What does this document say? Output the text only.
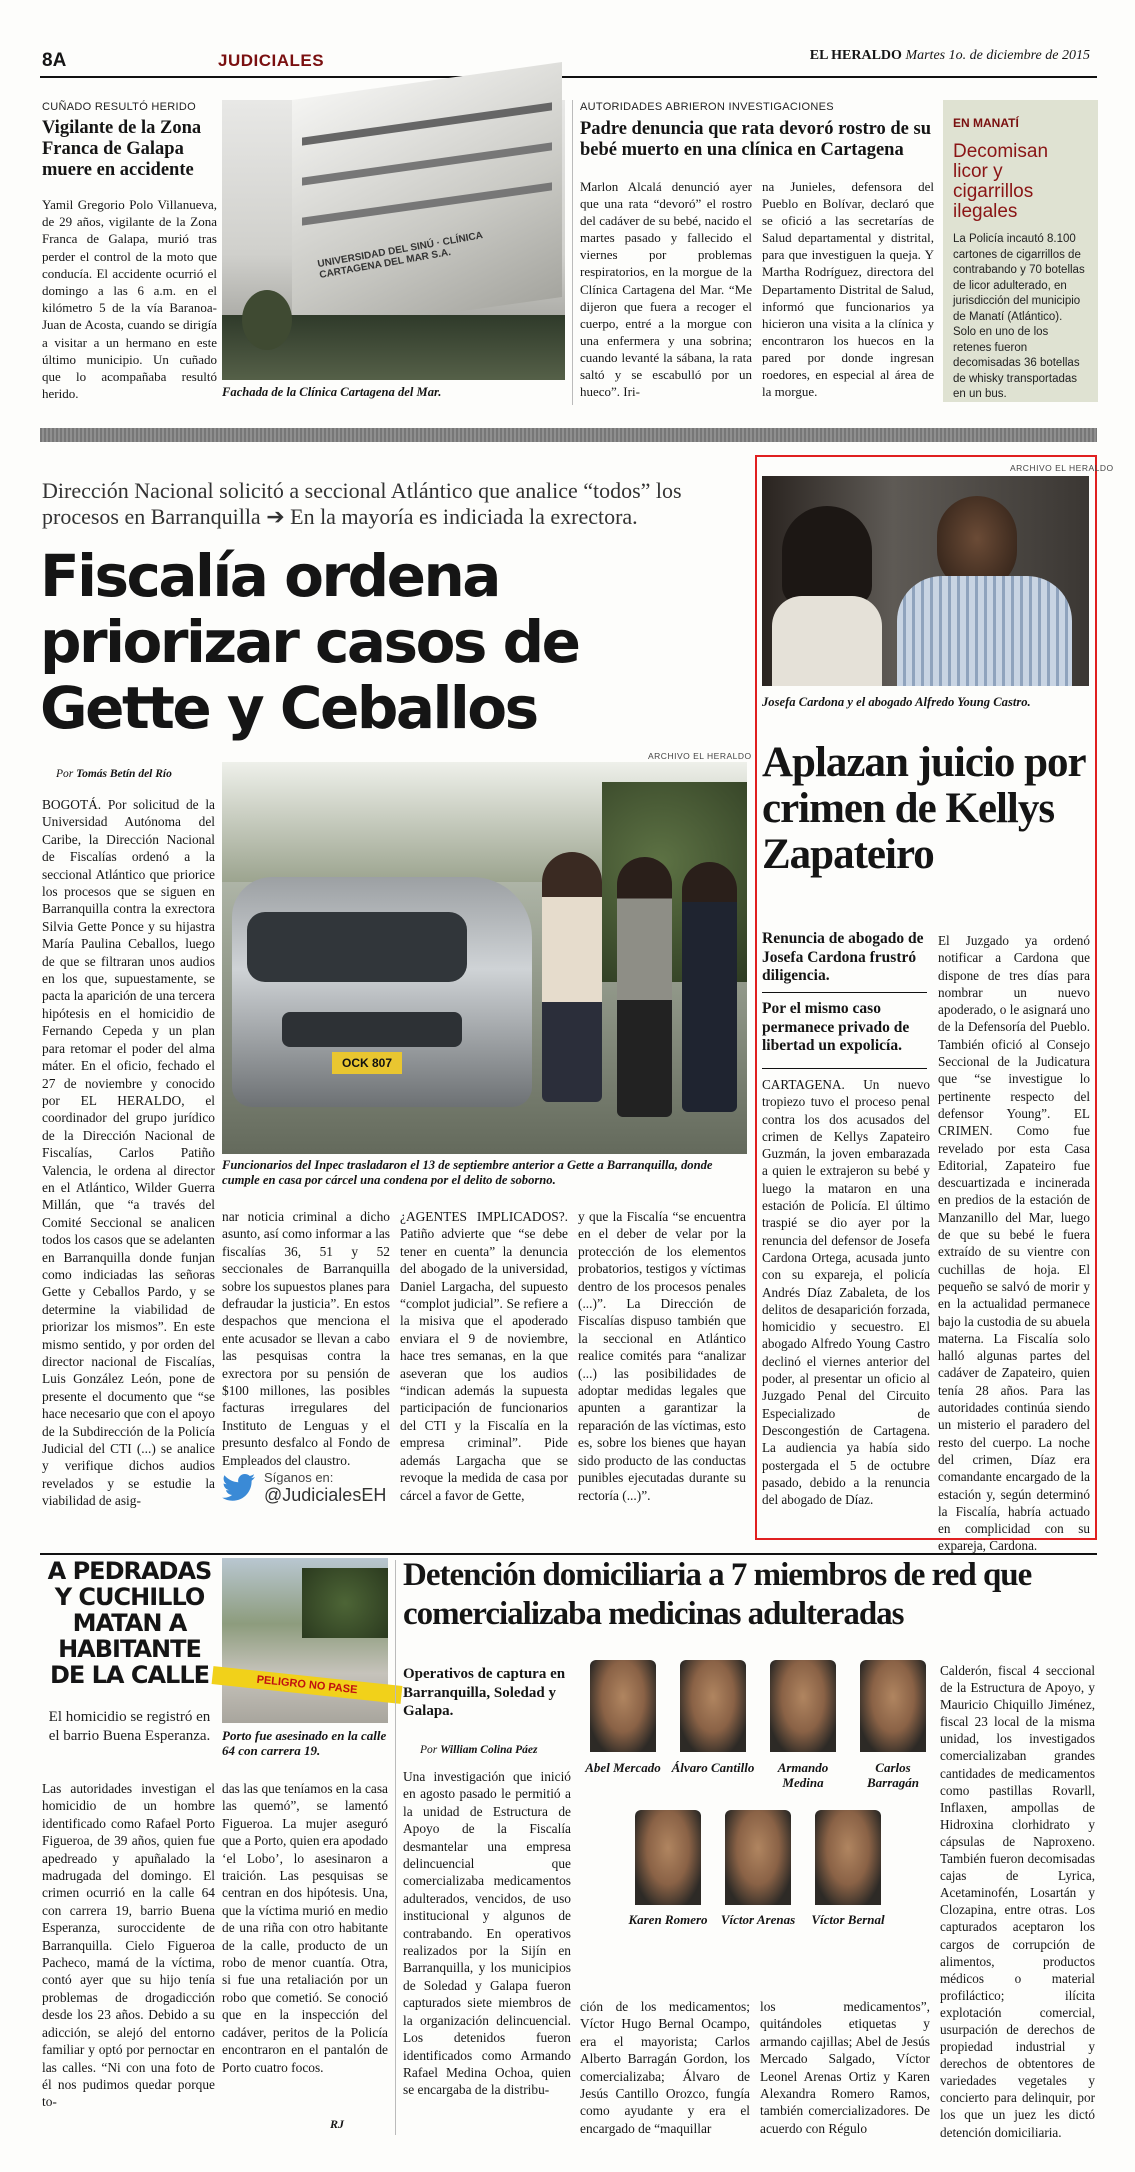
8A	JUDICIALES	EL HERALDO Martes 1o. de diciembre de 2015
CUÑADO RESULTÓ HERIDO
Vigilante de la Zona Franca de Galapa muere en accidente
Yamil Gregorio Polo Villanueva, de 29 años, vigilante de la Zona Franca de Galapa, murió tras perder el control de la moto que conducía. El accidente ocurrió el domingo a las 6 a.m. en el kilómetro 5 de la vía Baranoa-Juan de Acosta, cuando se dirigía a visitar a un hermano en este último municipio. Un cuñado que lo acompañaba resultó herido.
UNIVERSIDAD DEL SINÚ · CLÍNICA CARTAGENA DEL MAR S.A.
Fachada de la Clínica Cartagena del Mar.
AUTORIDADES ABRIERON INVESTIGACIONES
Padre denuncia que rata devoró rostro de su bebé muerto en una clínica en Cartagena
Marlon Alcalá denunció ayer que una rata “devoró” el rostro del cadáver de su bebé, nacido el martes pasado y fallecido el viernes por problemas respiratorios, en la morgue de la Clínica Cartagena del Mar. “Me dijeron que fuera a recoger el cuerpo, entré a la morgue con una enfermera y una sobrina; cuando levanté la sábana, la rata saltó y se escabulló por un hueco”. Iri-
na Junieles, defensora del Pueblo en Bolívar, declaró que se ofició a las secretarías de Salud departamental y distrital, para que investiguen la queja. Y Martha Rodríguez, directora del Departamento Distrital de Salud, informó que funcionarios ya hicieron una visita a la clínica y encontraron los huecos en la pared por donde ingresan roedores, en especial al área de la morgue.
EN MANATÍ
Decomisan licor y cigarrillos ilegales
La Policía incautó 8.100 cartones de cigarrillos de contrabando y 70 botellas de licor adulterado, en jurisdicción del municipio de Manatí (Atlántico). Solo en uno de los retenes fueron decomisadas 36 botellas de whisky transportadas en un bus.
Dirección Nacional solicitó a seccional Atlántico que analice “todos” los procesos en Barranquilla ➔ En la mayoría es indiciada la exrectora.
Fiscalía ordena priorizar casos de Gette y Ceballos
Por Tomás Betín del Río
ARCHIVO EL HERALDO
OCK 807
Funcionarios del Inpec trasladaron el 13 de septiembre anterior a Gette a Barranquilla, donde cumple en casa por cárcel una condena por el delito de soborno.
BOGOTÁ. Por solicitud de la Universidad Autónoma del Caribe, la Dirección Nacional de Fiscalías ordenó a la seccional Atlántico que priorice los procesos que se siguen en Barranquilla contra la exrectora Silvia Gette Ponce y su hijastra María Paulina Ceballos, luego de que se filtraran unos audios en los que, supuestamente, se pacta la aparición de una tercera hipótesis en el homicidio de Fernando Cepeda y un plan para retomar el poder del alma máter. En el oficio, fechado el 27 de noviembre y conocido por EL HERALDO, el coordinador del grupo jurídico de la Dirección Nacional de Fiscalías, Carlos Patiño Valencia, le ordena al director en el Atlántico, Wilder Guerra Millán, que “a través del Comité Seccional se analicen todos los casos que se adelanten en Barranquilla donde funjan como indiciadas las señoras Gette y Ceballos Pardo, y se determine la viabilidad de priorizar los mismos”. En este mismo sentido, y por orden del director nacional de Fiscalías, Luis González León, pone de presente el documento que “se hace necesario que con el apoyo de la Subdirección de la Policía Judicial del CTI (...) se analice y verifique dichos audios revelados y se estudie la viabilidad de asig-
nar noticia criminal a dicho asunto, así como informar a las fiscalías 36, 51 y 52 seccionales de Barranquilla sobre los supuestos planes para defraudar la justicia”. En estos despachos que menciona el ente acusador se llevan a cabo las pesquisas contra la exrectora por su pensión de $100 millones, las posibles facturas irregulares del Instituto de Lenguas y el presunto desfalco al Fondo de Empleados del claustro.
¿AGENTES IMPLICADOS?. Patiño advierte que “se debe tener en cuenta” la denuncia del abogado de la universidad, Daniel Largacha, del supuesto “complot judicial”. Se refiere a la misiva que el apoderado enviara el 9 de noviembre, hace tres semanas, en la que aseveran que los audios “indican además la supuesta participación de funcionarios del CTI y la Fiscalía en la empresa criminal”. Pide además Largacha que se revoque la medida de casa por cárcel a favor de Gette,
y que la Fiscalía “se encuentra en el deber de velar por la protección de los elementos probatorios, testigos y víctimas dentro de los procesos penales (...)”. La Dirección de Fiscalías dispuso también que la seccional en Atlántico realice comités para “analizar (...) las posibilidades de adoptar medidas legales que apunten a garantizar la reparación de las víctimas, esto es, sobre los bienes que hayan sido producto de las conductas punibles ejecutadas durante su rectoría (...)”.
Síganos en:
@JudicialesEH
ARCHIVO EL HERALDO
Josefa Cardona y el abogado Alfredo Young Castro.
Aplazan juicio por crimen de Kellys Zapateiro
Renuncia de abogado de Josefa Cardona frustró diligencia.
Por el mismo caso permanece privado de libertad un expolicía.
CARTAGENA. Un nuevo tropiezo tuvo el proceso penal contra los dos acusados del crimen de Kellys Zapateiro Guzmán, la joven embarazada a quien le extrajeron su bebé y luego la mataron en una estación de Policía. El último traspié se dio ayer por la renuncia del defensor de Josefa Cardona Ortega, acusada junto con su expareja, el policía Andrés Díaz Zabaleta, de los delitos de desaparición forzada, homicidio y secuestro. El abogado Alfredo Young Castro declinó el viernes anterior del poder, al presentar un oficio al Juzgado Penal del Circuito Especializado de Descongestión de Cartagena. La audiencia ya había sido postergada el 5 de octubre pasado, debido a la renuncia del abogado de Díaz.
El Juzgado ya ordenó notificar a Cardona que dispone de tres días para nombrar un nuevo apoderado, o le asignará uno de la Defensoría del Pueblo. También ofició al Consejo Seccional de la Judicatura que “se investigue lo pertinente respecto del defensor Young”. EL CRIMEN. Como fue revelado por esta Casa Editorial, Zapateiro fue descuartizada e incinerada en predios de la estación de Manzanillo del Mar, luego de que su bebé le fuera extraído de su vientre con cuchillas de hoja. El pequeño se salvó de morir y en la actualidad permanece bajo la custodia de su abuela materna. La Fiscalía solo halló algunas partes del cadáver de Zapateiro, quien tenía 28 años. Para las autoridades continúa siendo un misterio el paradero del resto del cuerpo. La noche del crimen, Díaz era comandante encargado de la estación y, según determinó la Fiscalía, habría actuado en complicidad con su expareja, Cardona.
A PEDRADAS Y CUCHILLO MATAN A HABITANTE DE LA CALLE
El homicidio se registró en el barrio Buena Esperanza.
PELIGRO NO PASE
Porto fue asesinado en la calle 64 con carrera 19.
Las autoridades investigan el homicidio de un hombre identificado como Rafael Porto Figueroa, de 39 años, quien fue apedreado y apuñalado la madrugada del domingo. El crimen ocurrió en la calle 64 con carrera 19, barrio Buena Esperanza, suroccidente de Barranquilla. Cielo Figueroa Pacheco, mamá de la víctima, contó ayer que su hijo tenía problemas de drogadicción desde los 23 años. Debido a su adicción, se alejó del entorno familiar y optó por pernoctar en las calles. “Ni con una foto de él nos pudimos quedar porque to-
das las que teníamos en la casa las quemó”, se lamentó Figueroa. La mujer aseguró que a Porto, quien era apodado ‘el Lobo’, lo asesinaron a traición. Las pesquisas se centran en dos hipótesis. Una, que la víctima murió en medio de una riña con otro habitante de la calle, producto de un robo de menor cuantía. Otra, si fue una retaliación por un robo que cometió. Se conoció que en la inspección del cadáver, peritos de la Policía encontraron en el pantalón de Porto cuatro focos.
RJ
Detención domiciliaria a 7 miembros de red que comercializaba medicinas adulteradas
Operativos de captura en Barranquilla, Soledad y Galapa.
Por William Colina Páez
Una investigación que inició en agosto pasado le permitió a la unidad de Estructura de Apoyo de la Fiscalía desmantelar una empresa delincuencial que comercializaba medicamentos adulterados, vencidos, de uso institucional y algunos de contrabando. En operativos realizados por la Sijín en Barranquilla, y los municipios de Soledad y Galapa fueron capturados siete miembros de la organización delincuencial. Los detenidos fueron identificados como Armando Rafael Medina Ochoa, quien se encargaba de la distribu-
Abel Mercado Álvaro Cantillo	Armando Medina
Carlos Barragán
Karen Romero	Víctor Arenas	Víctor Bernal
ción de los medicamentos; Víctor Hugo Bernal Ocampo, era el mayorista; Carlos Alberto Barragán Gordon, los comercializaba; Álvaro de Jesús Cantillo Orozco, fungía como ayudante y era el encargado de “maquillar
los medicamentos”, quitándoles etiquetas y armando cajillas; Abel de Jesús Mercado Salgado, Víctor Leonel Arenas Ortiz y Karen Alexandra Romero Ramos, también comercializadores. De acuerdo con Régulo
Calderón, fiscal 4 seccional de la Estructura de Apoyo, y Mauricio Chiquillo Jiménez, fiscal 23 local de la misma unidad, los investigados comercializaban grandes cantidades de medicamentos como pastillas Rovarll, Inflaxen, ampollas de Hidroxina clorhidrato y cápsulas de Naproxeno. También fueron decomisadas cajas de Lyrica, Acetaminofén, Losartán y Clozapina, entre otras. Los capturados aceptaron los cargos de corrupción de alimentos, productos médicos o material profiláctico; ilícita explotación comercial, usurpación de derechos de propiedad industrial y derechos de obtentores de variedades vegetales y concierto para delinquir, por los que un juez les dictó detención domiciliaria.
